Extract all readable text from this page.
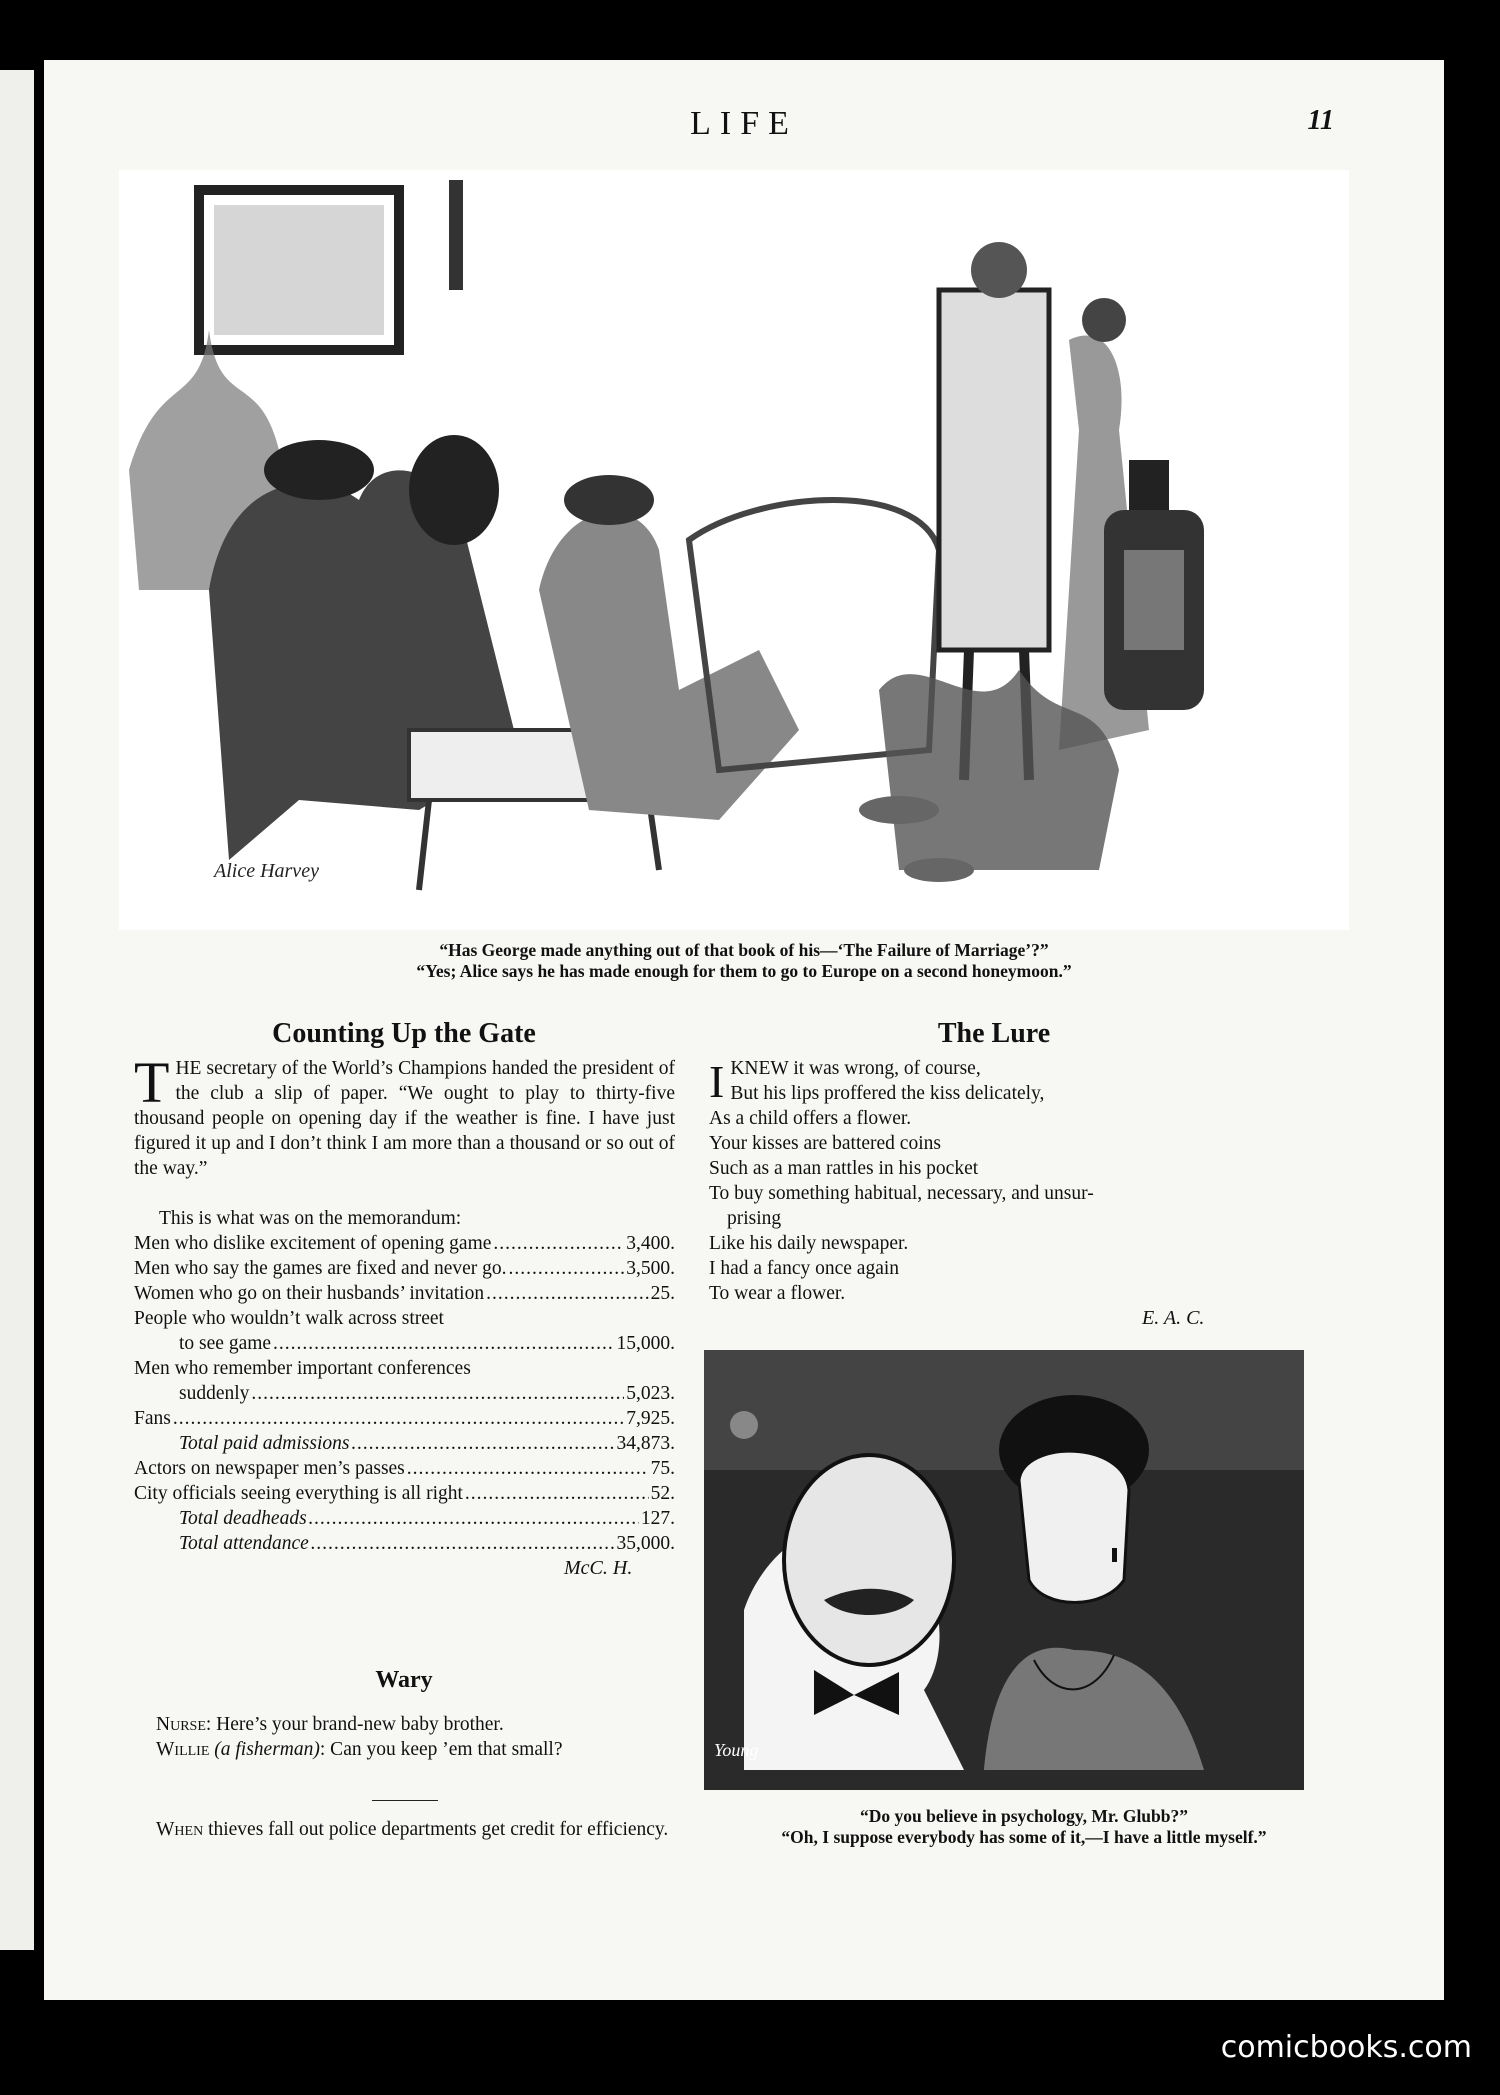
LIFE	11
Alice Harvey
“Has George made anything out of that book of his—‘The Failure of Marriage’?”
“Yes; Alice says he has made enough for them to go to Europe on a second honeymoon.”
Counting Up the Gate

THE secretary of the World’s Champions handed the president of the club a slip of paper. “We ought to play to thirty-five thousand people on opening day if the weather is fine. I have just figured it up and I don’t think I am more than a thousand or so out of the way.”

This is what was on the memorandum:

Men who dislike excitement of opening game .....	3,400.
Men who say the games are fixed and never go. .....	3,500.
Women who go on their husbands’ invitation .....	25.
People who wouldn’t walk across street
to see game .....	15,000.
Men who remember important conferences
suddenly .....	5,023.
Fans .....	7,925.
Total paid admissions .....	34,873.
Actors on newspaper men’s passes .....	75.
City officials seeing everything is all right .....	52.
Total deadheads .....	127.
Total attendance .....	35,000.
McC. H.
Wary

Nurse: Here’s your brand-new baby brother.

Willie (a fisherman): Can you keep ’em that small?

When thieves fall out police departments get credit for efficiency.

The Lure
IKNEW it was wrong, of course,
But his lips proffered the kiss delicately,
As a child offers a flower.
Your kisses are battered coins
Such as a man rattles in his pocket
To buy something habitual, necessary, and unsur-
prising
Like his daily newspaper.
I had a fancy once again
To wear a flower.
E. A. C.
Young
“Do you believe in psychology, Mr. Glubb?”
“Oh, I suppose everybody has some of it,—I have a little myself.”
comicbooks.com
